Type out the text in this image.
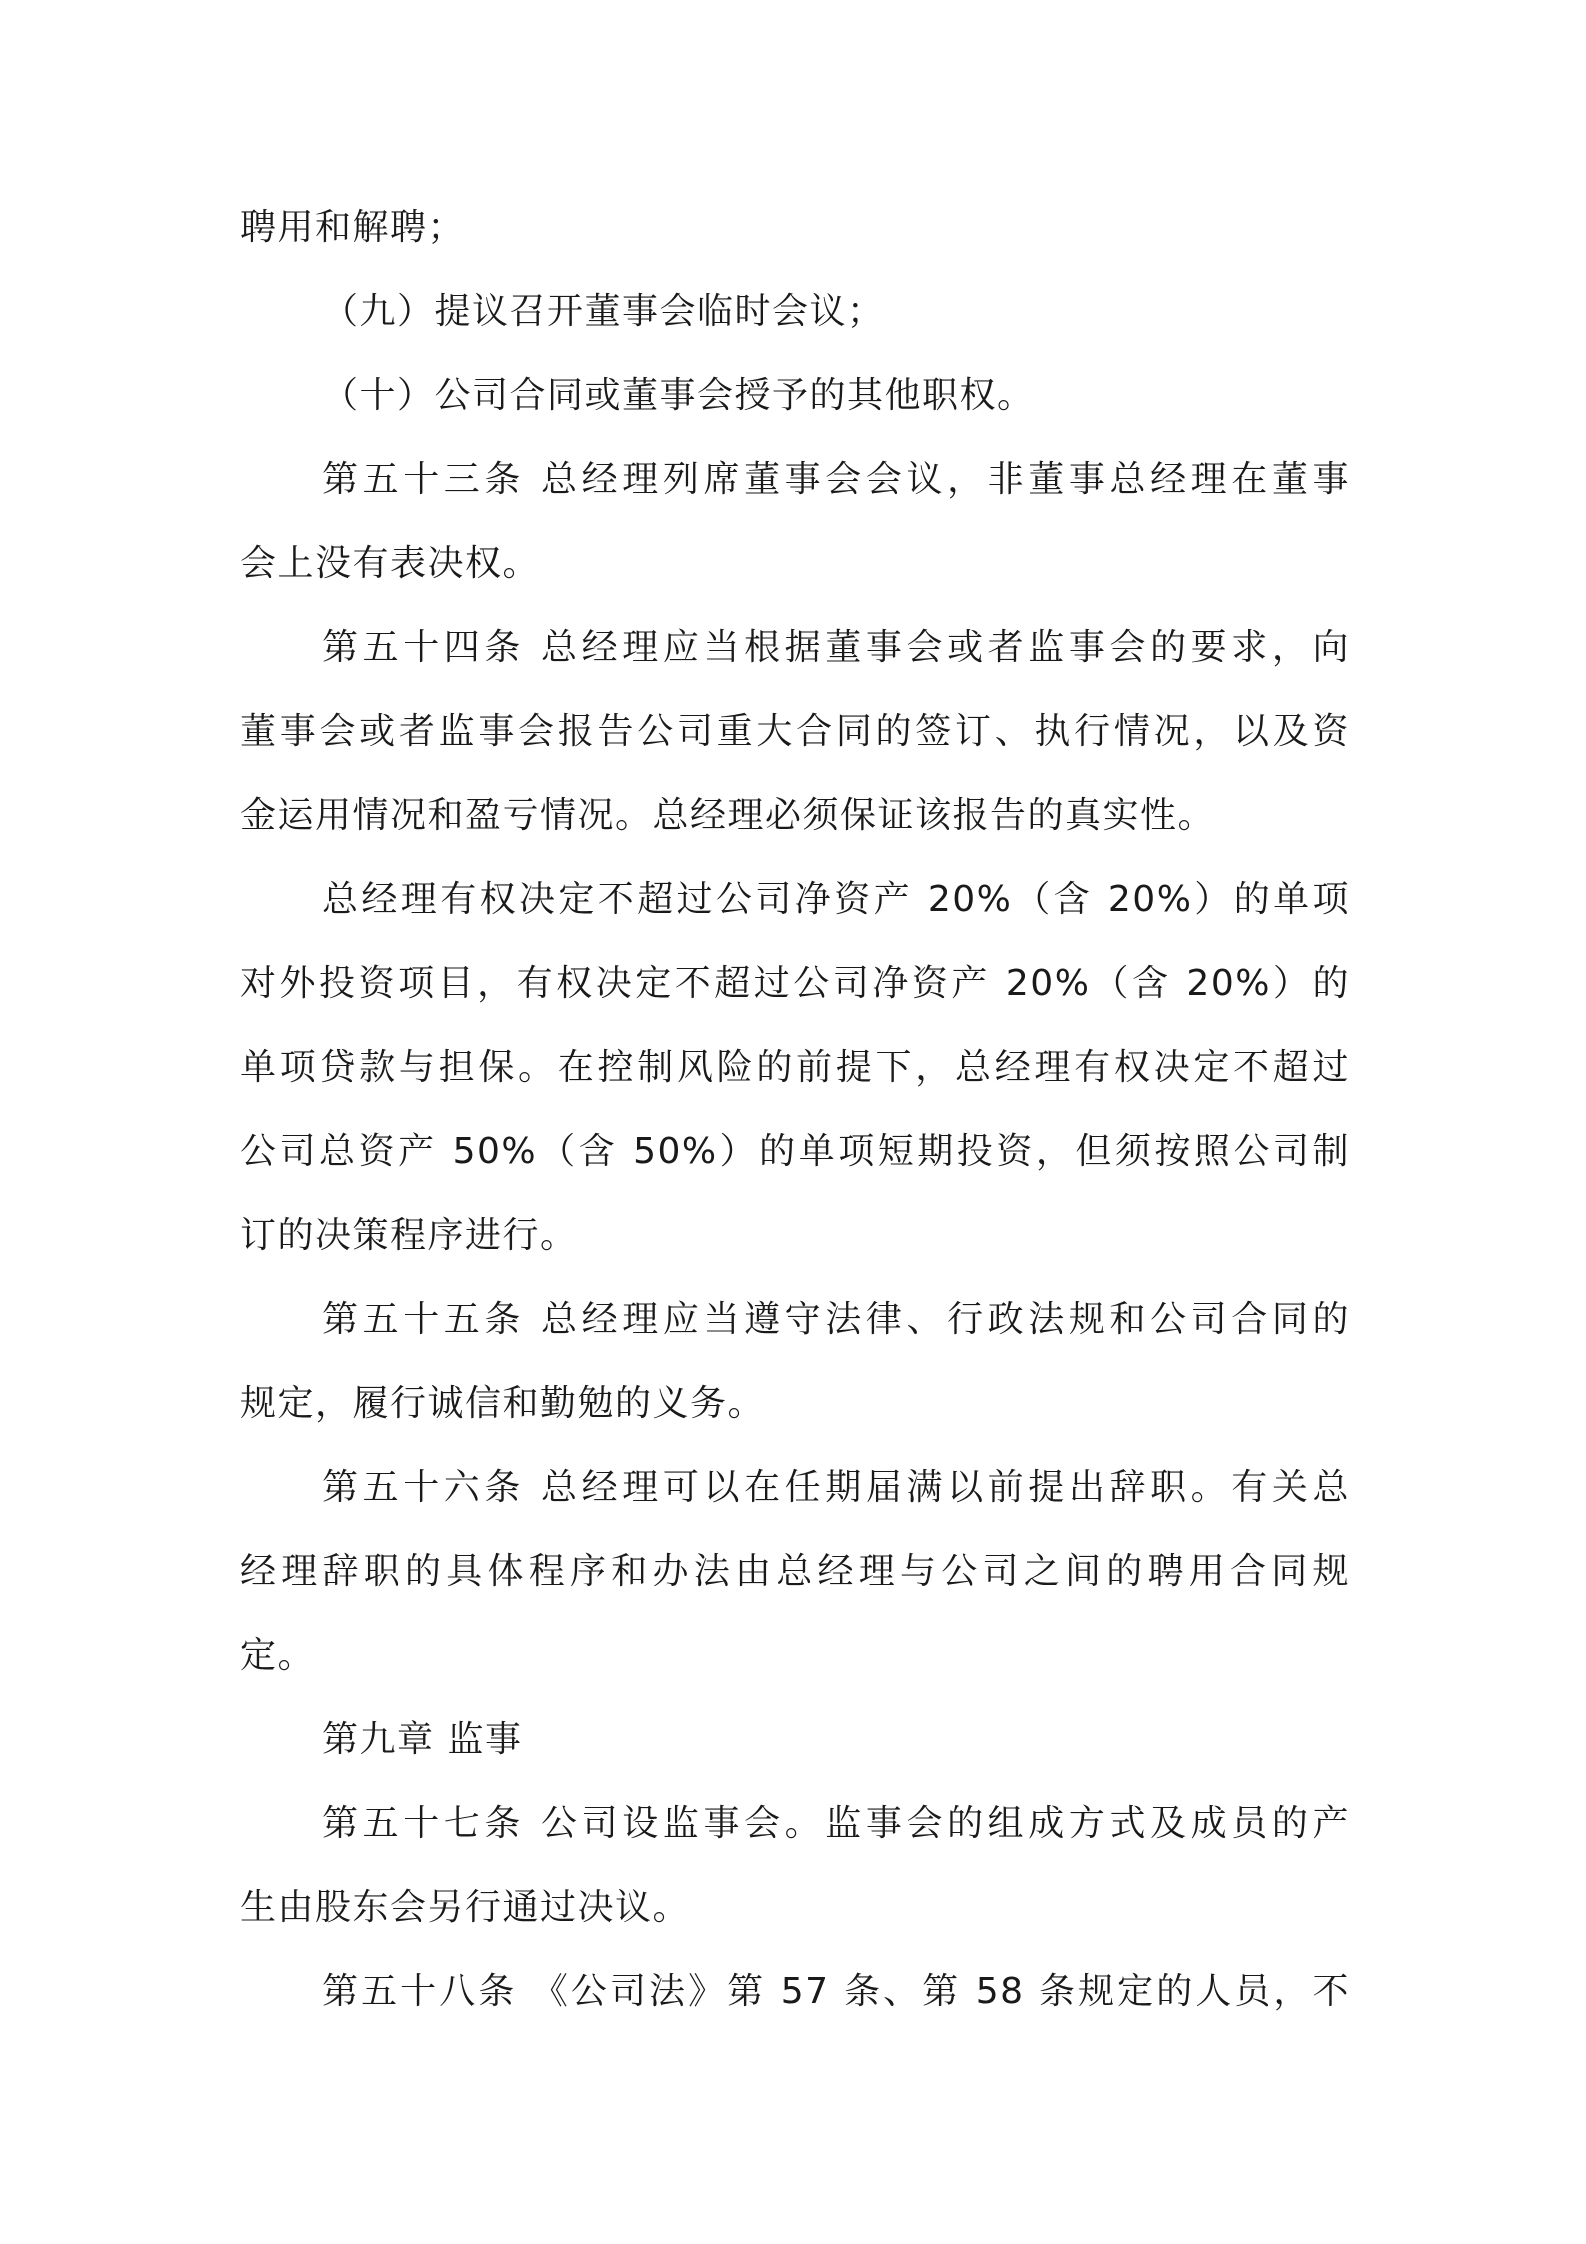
聘用和解聘；
（九）提议召开董事会临时会议；
（十）公司合同或董事会授予的其他职权。
第五十三条 总经理列席董事会会议，非董事总经理在董事
会上没有表决权。
第五十四条 总经理应当根据董事会或者监事会的要求，向
董事会或者监事会报告公司重大合同的签订、执行情况，以及资
金运用情况和盈亏情况。总经理必须保证该报告的真实性。
总经理有权决定不超过公司净资产 20%（含 20%）的单项
对外投资项目，有权决定不超过公司净资产 20%（含 20%）的
单项贷款与担保。在控制风险的前提下，总经理有权决定不超过
公司总资产 50%（含 50%）的单项短期投资，但须按照公司制
订的决策程序进行。
第五十五条 总经理应当遵守法律、行政法规和公司合同的
规定，履行诚信和勤勉的义务。
第五十六条 总经理可以在任期届满以前提出辞职。有关总
经理辞职的具体程序和办法由总经理与公司之间的聘用合同规
定。
第九章 监事
第五十七条 公司设监事会。监事会的组成方式及成员的产
生由股东会另行通过决议。
第五十八条 《公司法》第 57 条、第 58 条规定的人员，不
